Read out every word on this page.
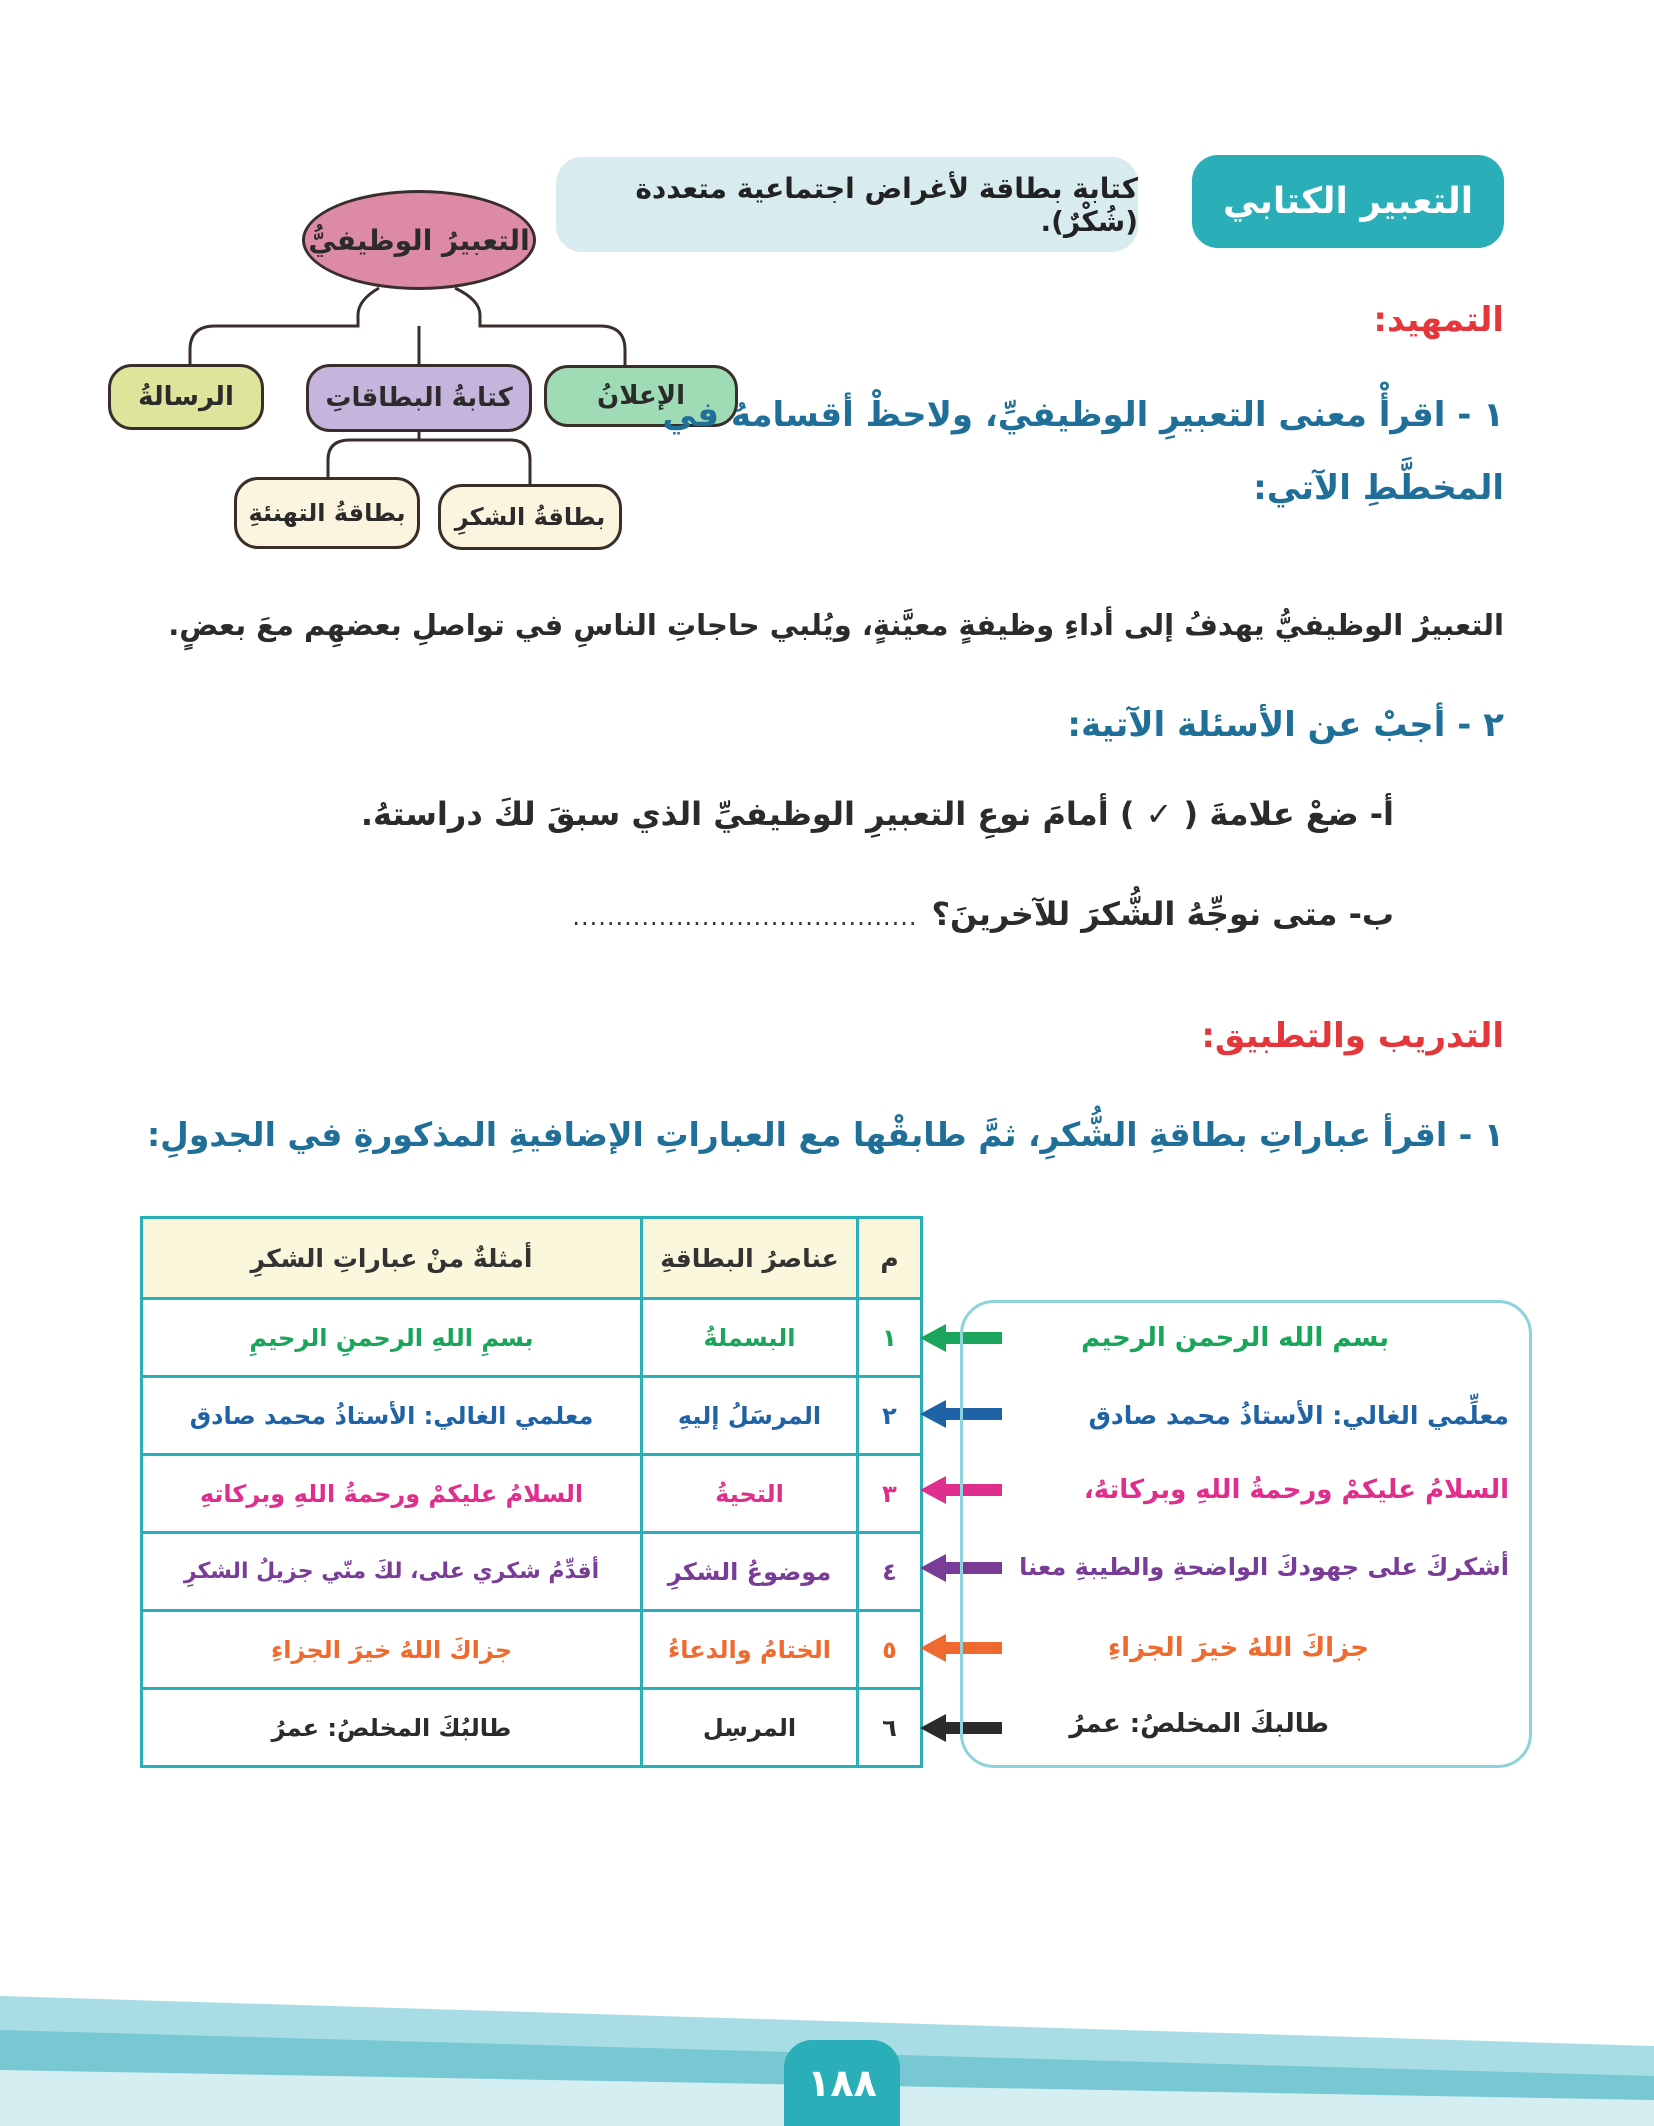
التعبير الكتابي
كتابة بطاقة لأغراض اجتماعية متعددة (شُكْرٌ).
التعبيرُ الوظيفيُّ
الإعلانُ
كتابةُ البطاقاتِ
الرسالةُ
بطاقةُ الشكرِ
بطاقةُ التهنئةِ
التمهيد:
١ - اقرأْ معنى التعبيرِ الوظيفيِّ، ولاحظْ أقسامهُ في
المخطَّطِ الآتي:
التعبيرُ الوظيفيُّ يهدفُ إلى أداءِ وظيفةٍ معيَّنةٍ، ويُلبي حاجاتِ الناسِ في تواصلِ بعضهِم معَ بعضٍ.
٢ - أجبْ عن الأسئلة الآتية:
أ- ضعْ علامةَ ( ✓ ) أمامَ نوعِ التعبيرِ الوظيفيِّ الذي سبقَ لكَ دراستهُ.
ب- متى نوجِّهُ الشُّكرَ للآخرينَ؟
........................................
التدريب والتطبيق:
١ - اقرأ عباراتِ بطاقةِ الشُّكرِ، ثمَّ طابقْها مع العباراتِ الإضافيةِ المذكورةِ في الجدولِ:
م	عناصرُ البطاقةِ	أمثلةٌ منْ عباراتِ الشكرِ
١	البسملةُ	بسمِ اللهِ الرحمنِ الرحيمِ
٢	المرسَلُ إليهِ	معلمي الغالي: الأستاذُ محمد صادق
٣	التحيةُ	السلامُ عليكمْ ورحمةُ اللهِ وبركاتهِ
٤	موضوعُ الشكرِ	أقدِّمُ شكري على، لكَ منّي جزيلُ الشكرِ
٥	الختامُ والدعاءُ	جزاكَ اللهُ خيرَ الجزاءِ
٦	المرسِل	طالبُكَ المخلصُ: عمرُ
بسم الله الرحمن الرحيم
معلِّمي الغالي: الأستاذُ محمد صادق
السلامُ عليكمْ ورحمةُ اللهِ وبركاتهُ،
أشكركَ على جهودكَ الواضحةِ والطيبةِ معنا
جزاكَ اللهُ خيرَ الجزاءِ
طالبكَ المخلصُ: عمرُ
١٨٨
